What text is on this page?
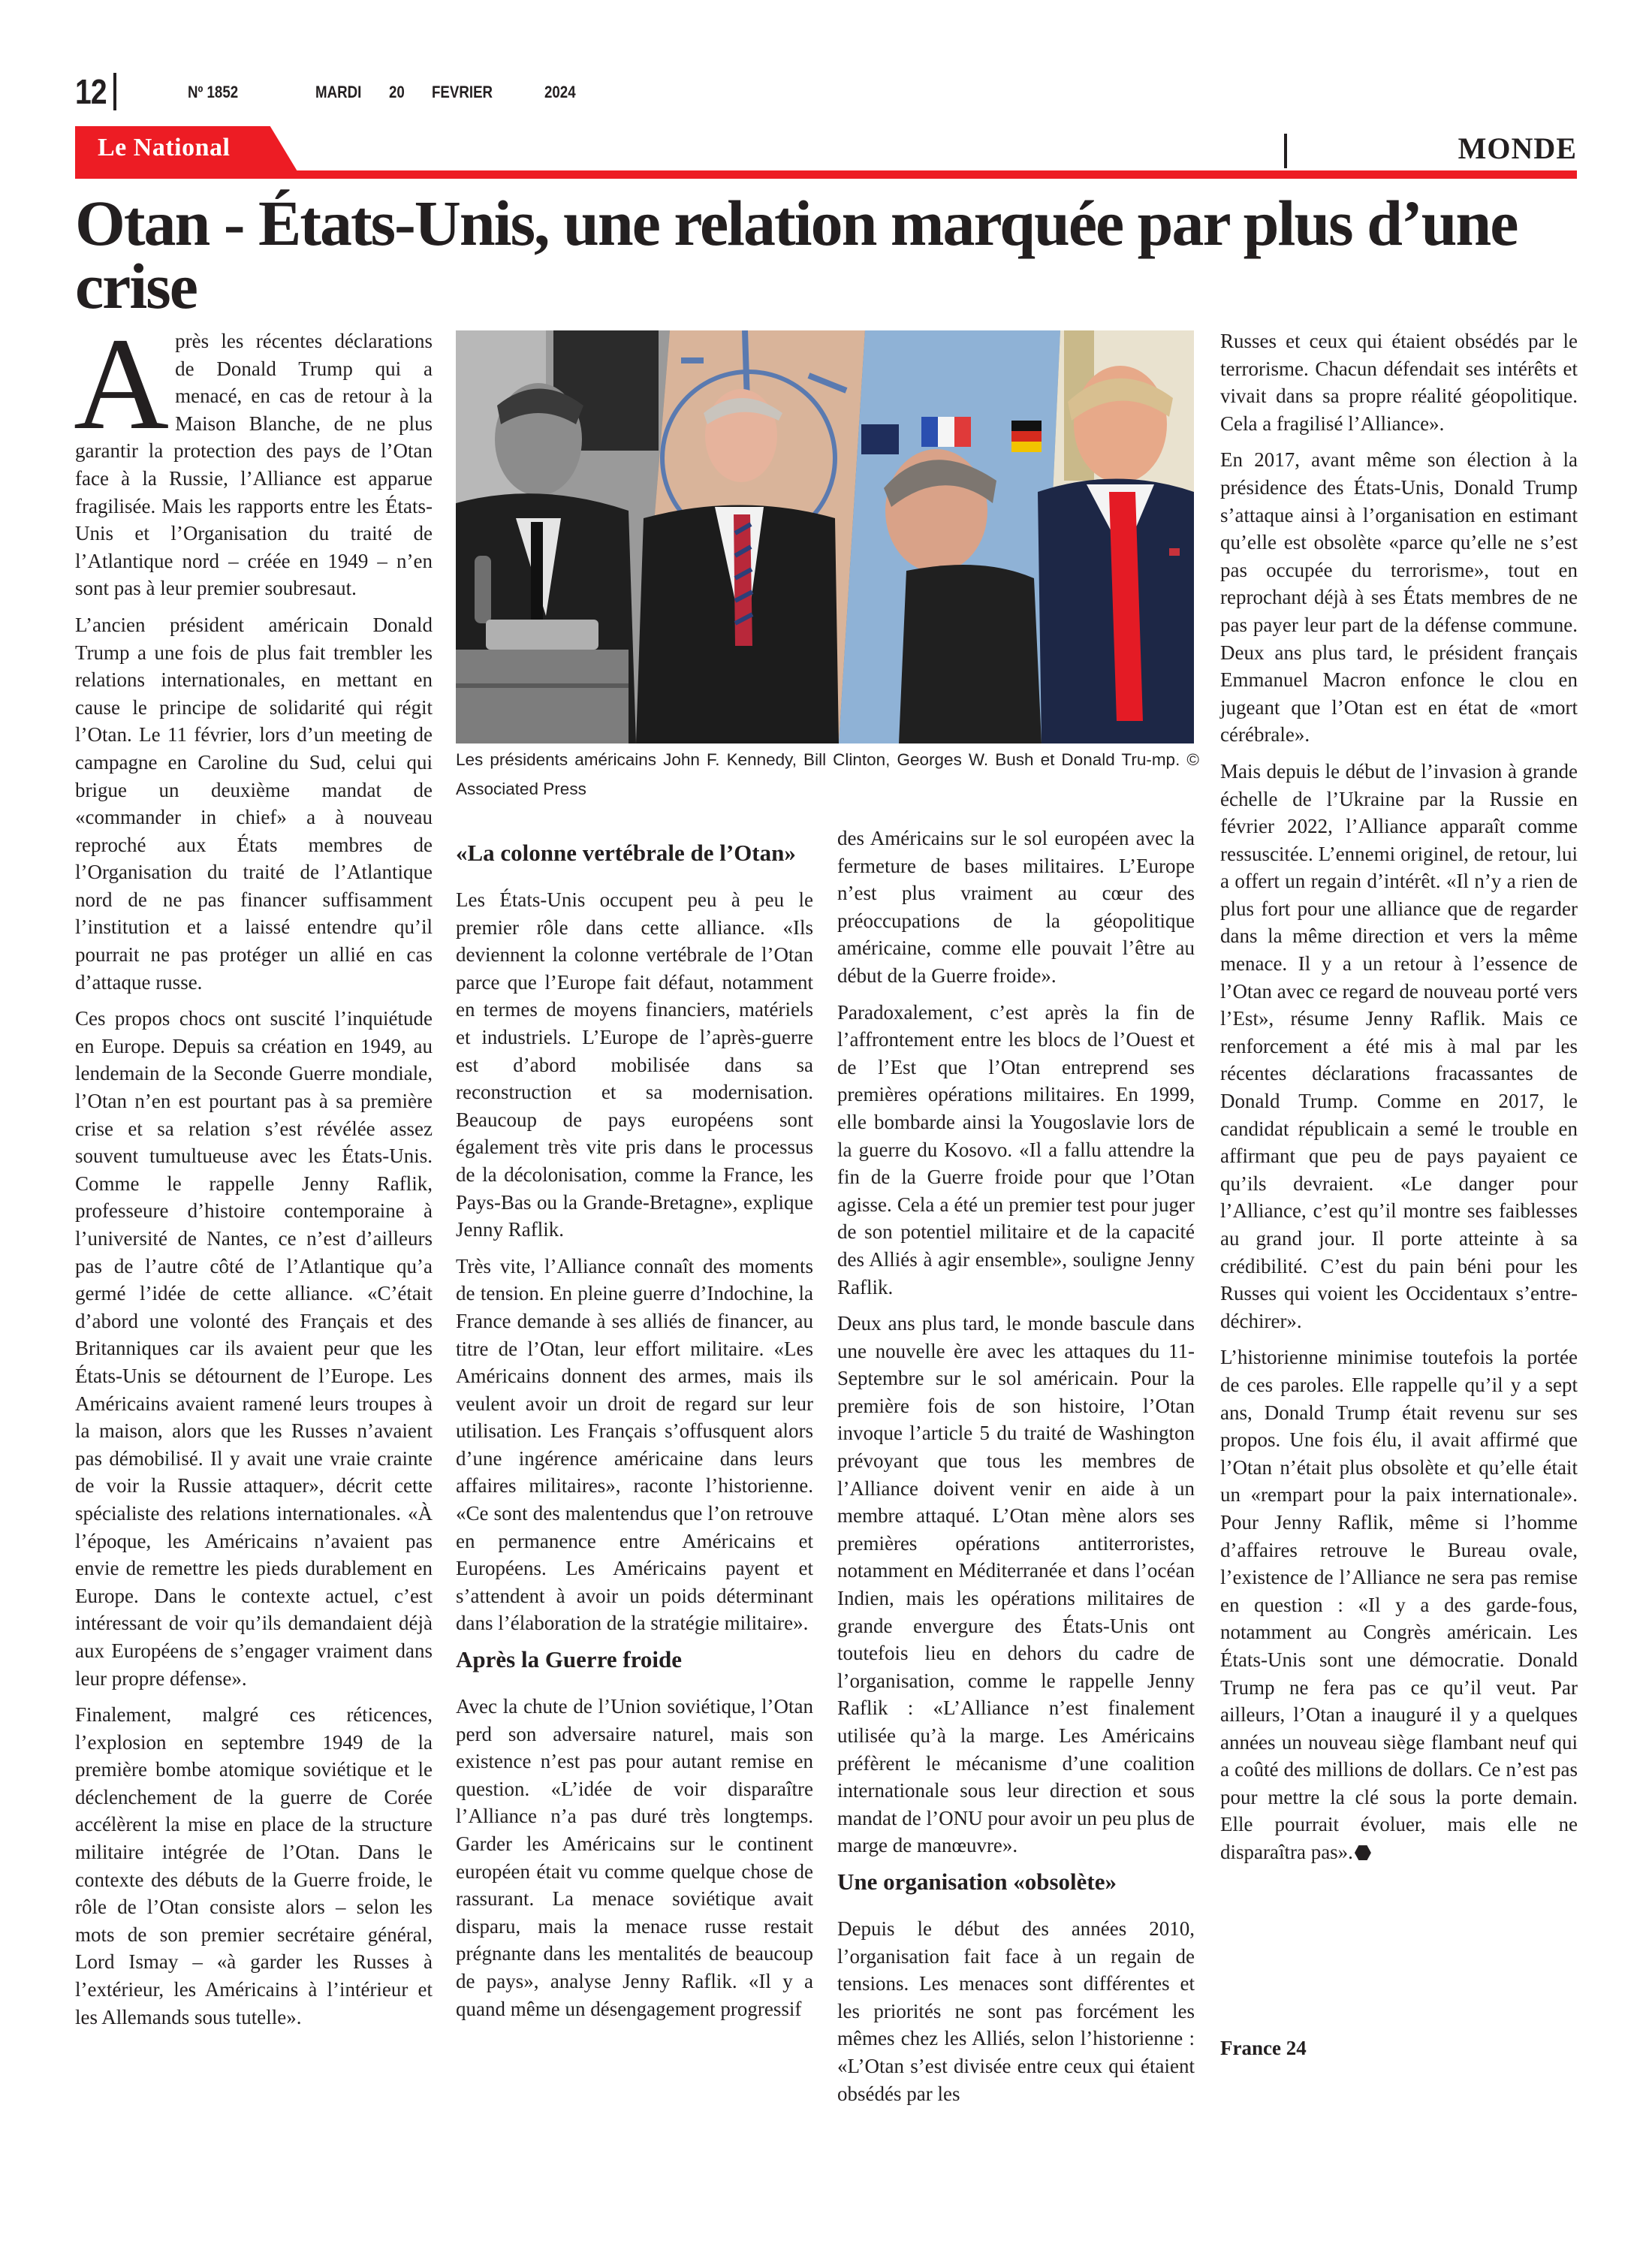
12	Nº 1852	MARDI 20 FEVRIER	2024
Le National	MONDE
Otan - États-Unis, une relation marquée par plus d’une crise
Les présidents américains John F. Kennedy, Bill Clinton, Georges W. Bush et Donald Tru-mp. © Associated Press

Après les récentes déclarations de Donald Trump qui a menacé, en cas de retour à la Maison Blanche, de ne plus garantir la protection des pays de l’Otan face à la Russie, l’Alliance est apparue fragilisée. Mais les rapports entre les États-Unis et l’Organisation du traité de l’Atlantique nord – créée en 1949 – n’en sont pas à leur premier soubresaut.

L’ancien président américain Donald Trump a une fois de plus fait trembler les relations internationales, en mettant en cause le principe de solidarité qui régit l’Otan. Le 11 février, lors d’un meeting de campagne en Caroline du Sud, celui qui brigue un deuxième mandat de «commander in chief» a à nouveau reproché aux États membres de l’Organisation du traité de l’Atlantique nord de ne pas financer suffisamment l’institution et a laissé entendre qu’il pourrait ne pas protéger un allié en cas d’attaque russe.

Ces propos chocs ont suscité l’inquiétude en Europe. Depuis sa création en 1949, au lendemain de la Seconde Guerre mondiale, l’Otan n’en est pourtant pas à sa première crise et sa relation s’est révélée assez souvent tumultueuse avec les États-Unis. Comme le rappelle Jenny Raflik, professeure d’histoire contemporaine à l’université de Nantes, ce n’est d’ailleurs pas de l’autre côté de l’Atlantique qu’a germé l’idée de cette alliance. «C’était d’abord une volonté des Français et des Britanniques car ils avaient peur que les États-Unis se détournent de l’Europe. Les Américains avaient ramené leurs troupes à la maison, alors que les Russes n’avaient pas démobilisé. Il y avait une vraie crainte de voir la Russie attaquer», décrit cette spécialiste des relations internationales. «À l’époque, les Américains n’avaient pas envie de remettre les pieds durablement en Europe. Dans le contexte actuel, c’est intéressant de voir qu’ils demandaient déjà aux Européens de s’engager vraiment dans leur propre défense».

Finalement, malgré ces réticences, l’explosion en septembre 1949 de la première bombe atomique soviétique et le déclenchement de la guerre de Corée accélèrent la mise en place de la structure militaire intégrée de l’Otan. Dans le contexte des débuts de la Guerre froide, le rôle de l’Otan consiste alors – selon les mots de son premier secrétaire général, Lord Ismay – «à garder les Russes à l’extérieur, les Américains à l’intérieur et les Allemands sous tutelle».

«La colonne vertébrale de l’Otan»

Les États-Unis occupent peu à peu le premier rôle dans cette alliance. «Ils deviennent la colonne vertébrale de l’Otan parce que l’Europe fait défaut, notamment en termes de moyens financiers, matériels et industriels. L’Europe de l’après-guerre est d’abord mobilisée dans sa reconstruction et sa modernisation. Beaucoup de pays européens sont également très vite pris dans le processus de la décolonisation, comme la France, les Pays-Bas ou la Grande-Bretagne», explique Jenny Raflik.

Très vite, l’Alliance connaît des moments de tension. En pleine guerre d’Indochine, la France demande à ses alliés de financer, au titre de l’Otan, leur effort militaire. «Les Américains donnent des armes, mais ils veulent avoir un droit de regard sur leur utilisation. Les Français s’offusquent alors d’une ingérence américaine dans leurs affaires militaires», raconte l’historienne. «Ce sont des malentendus que l’on retrouve en permanence entre Américains et Européens. Les Américains payent et s’attendent à avoir un poids déterminant dans l’élaboration de la stratégie militaire».

Après la Guerre froide

Avec la chute de l’Union soviétique, l’Otan perd son adversaire naturel, mais son existence n’est pas pour autant remise en question. «L’idée de voir disparaître l’Alliance n’a pas duré très longtemps. Garder les Américains sur le continent européen était vu comme quelque chose de rassurant. La menace soviétique avait disparu, mais la menace russe restait prégnante dans les mentalités de beaucoup de pays», analyse Jenny Raflik. «Il y a quand même un désengagement progressif

des Américains sur le sol européen avec la fermeture de bases militaires. L’Europe n’est plus vraiment au cœur des préoccupations de la géopolitique américaine, comme elle pouvait l’être au début de la Guerre froide».

Paradoxalement, c’est après la fin de l’affrontement entre les blocs de l’Ouest et de l’Est que l’Otan entreprend ses premières opérations militaires. En 1999, elle bombarde ainsi la Yougoslavie lors de la guerre du Kosovo. «Il a fallu attendre la fin de la Guerre froide pour que l’Otan agisse. Cela a été un premier test pour juger de son potentiel militaire et de la capacité des Alliés à agir ensemble», souligne Jenny Raflik.

Deux ans plus tard, le monde bascule dans une nouvelle ère avec les attaques du 11-Septembre sur le sol américain. Pour la première fois de son histoire, l’Otan invoque l’article 5 du traité de Washington prévoyant que tous les membres de l’Alliance doivent venir en aide à un membre attaqué. L’Otan mène alors ses premières opérations antiterroristes, notamment en Méditerranée et dans l’océan Indien, mais les opérations militaires de grande envergure des États-Unis ont toutefois lieu en dehors du cadre de l’organisation, comme le rappelle Jenny Raflik : «L’Alliance n’est finalement utilisée qu’à la marge. Les Américains préfèrent le mécanisme d’une coalition internationale sous leur direction et sous mandat de l’ONU pour avoir un peu plus de marge de manœuvre».

Une organisation «obsolète»

Depuis le début des années 2010, l’organisation fait face à un regain de tensions. Les menaces sont différentes et les priorités ne sont pas forcément les mêmes chez les Alliés, selon l’historienne : «L’Otan s’est divisée entre ceux qui étaient obsédés par les

Russes et ceux qui étaient obsédés par le terrorisme. Chacun défendait ses intérêts et vivait dans sa propre réalité géopolitique. Cela a fragilisé l’Alliance».

En 2017, avant même son élection à la présidence des États-Unis, Donald Trump s’attaque ainsi à l’organisation en estimant qu’elle est obsolète «parce qu’elle ne s’est pas occupée du terrorisme», tout en reprochant déjà à ses États membres de ne pas payer leur part de la défense commune. Deux ans plus tard, le président français Emmanuel Macron enfonce le clou en jugeant que l’Otan est en état de «mort cérébrale».

Mais depuis le début de l’invasion à grande échelle de l’Ukraine par la Russie en février 2022, l’Alliance apparaît comme ressuscitée. L’ennemi originel, de retour, lui a offert un regain d’intérêt. «Il n’y a rien de plus fort pour une alliance que de regarder dans la même direction et vers la même menace. Il y a un retour à l’essence de l’Otan avec ce regard de nouveau porté vers l’Est», résume Jenny Raflik. Mais ce renforcement a été mis à mal par les récentes déclarations fracassantes de Donald Trump. Comme en 2017, le candidat républicain a semé le trouble en affirmant que peu de pays payaient ce qu’ils devraient. «Le danger pour l’Alliance, c’est qu’il montre ses faiblesses au grand jour. Il porte atteinte à sa crédibilité. C’est du pain béni pour les Russes qui voient les Occidentaux s’entre-déchirer».

L’historienne minimise toutefois la portée de ces paroles. Elle rappelle qu’il y a sept ans, Donald Trump était revenu sur ses propos. Une fois élu, il avait affirmé que l’Otan n’était plus obsolète et qu’elle était un «rempart pour la paix internationale». Pour Jenny Raflik, même si l’homme d’affaires retrouve le Bureau ovale, l’existence de l’Alliance ne sera pas remise en question : «Il y a des garde-fous, notamment au Congrès américain. Les États-Unis sont une démocratie. Donald Trump ne fera pas ce qu’il veut. Par ailleurs, l’Otan a inauguré il y a quelques années un nouveau siège flambant neuf qui a coûté des millions de dollars. Ce n’est pas pour mettre la clé sous la porte demain. Elle pourrait évoluer, mais elle ne disparaîtra pas».

France 24
